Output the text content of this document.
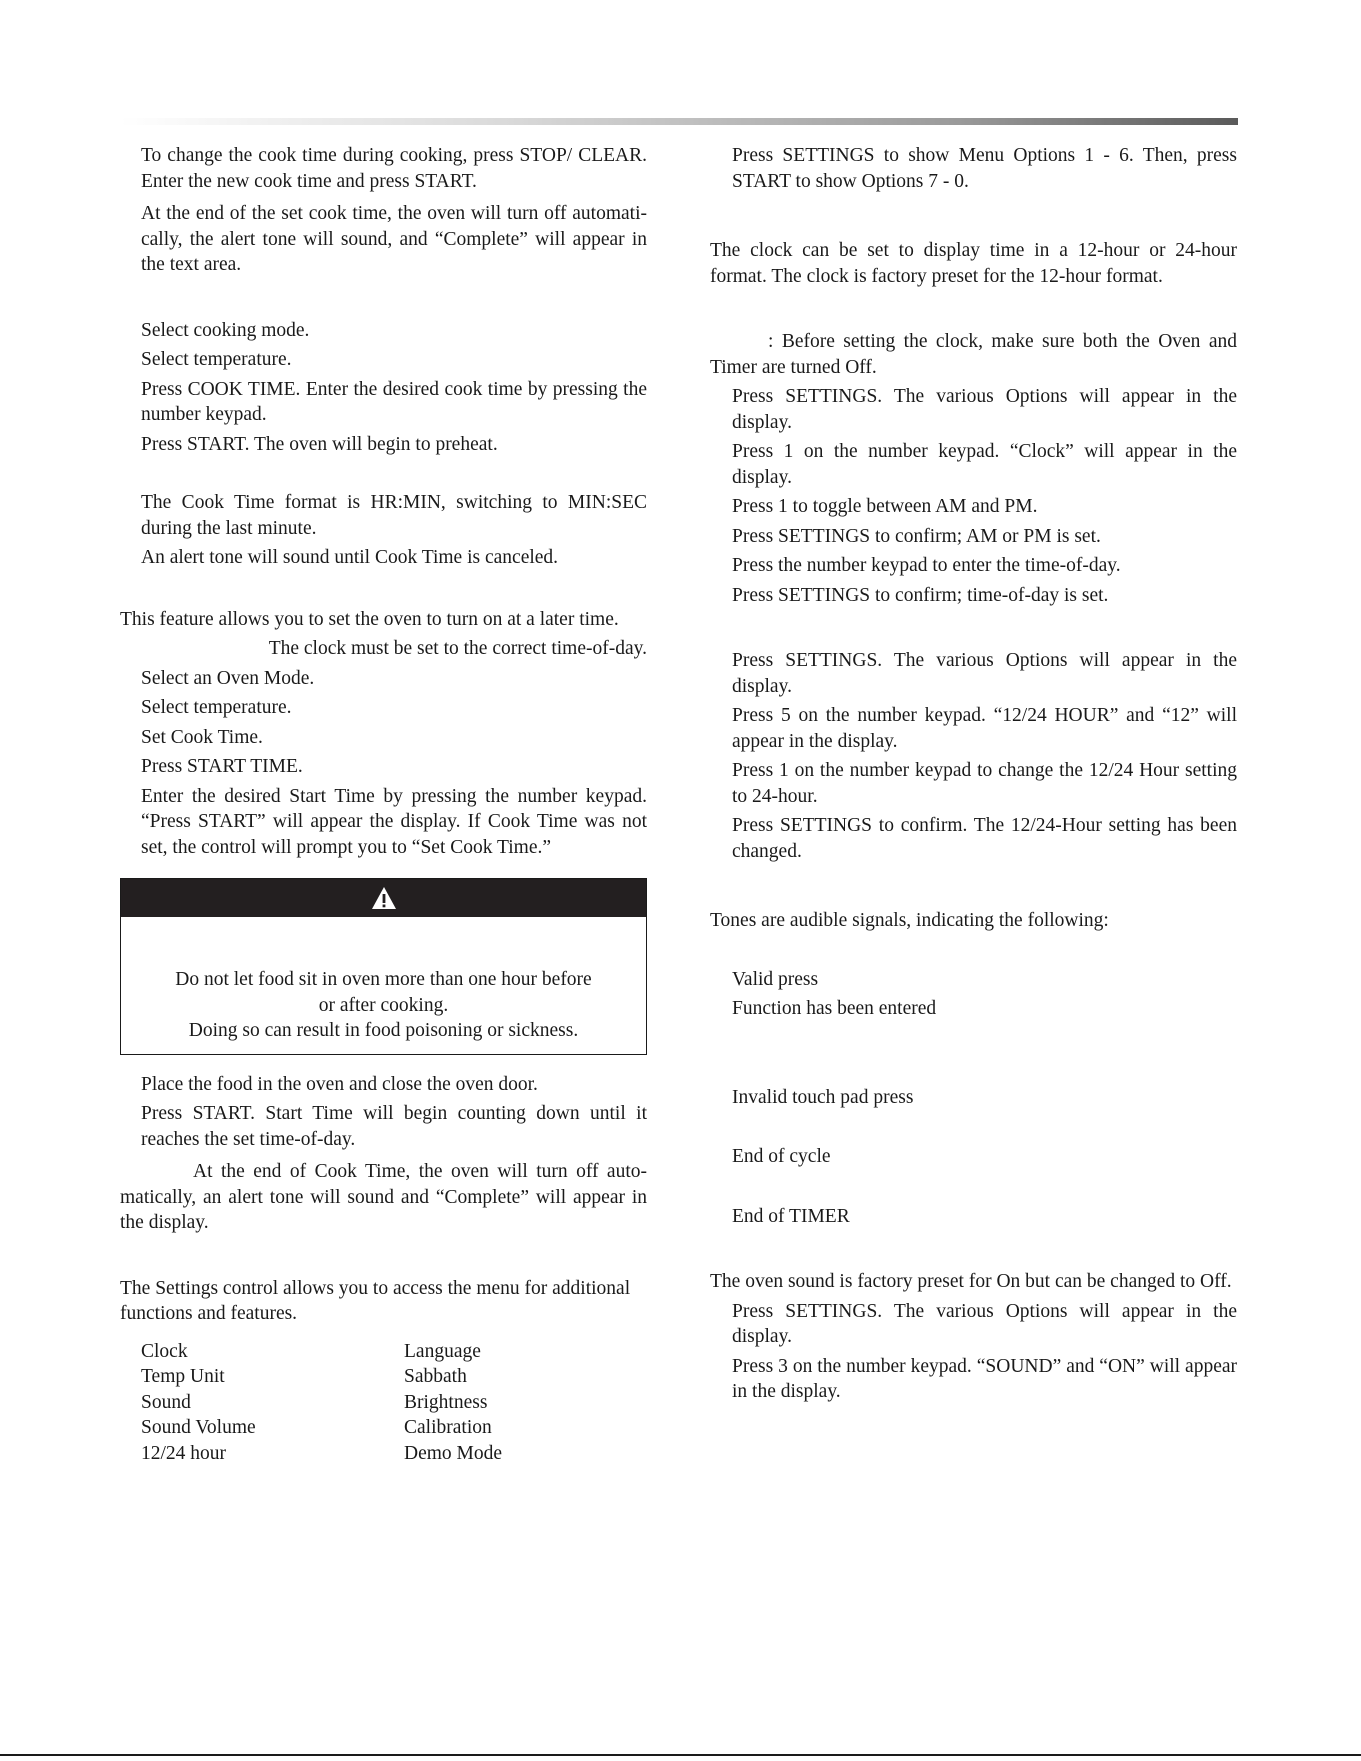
To change the cook time during cooking, press STOP/ CLEAR. Enter the new cook time and press START.

At the end of the set cook time, the oven will turn off automati- cally, the alert tone will sound, and “Complete” will appear in the text area.

Select cooking mode.

Select temperature.

Press COOK TIME. Enter the desired cook time by pressing the number keypad.

Press START. The oven will begin to preheat.

The Cook Time format is HR:MIN, switching to MIN:SEC during the last minute.

An alert tone will sound until Cook Time is canceled.

This feature allows you to set the oven to turn on at a later time.

The clock must be set to the correct time-of-day.

Select an Oven Mode.

Select temperature.

Set Cook Time.

Press START TIME.

Enter the desired Start Time by pressing the number keypad. “Press START” will appear the display. If Cook Time was not set, the control will prompt you to “Set Cook Time.”

Do not let food sit in oven more than one hour before
or after cooking.
Doing so can result in food poisoning or sickness.

Place the food in the oven and close the oven door.

Press START. Start Time will begin counting down until it reaches the set time-of-day.

At the end of Cook Time, the oven will turn off auto- matically, an alert tone will sound and “Complete” will appear in the display.

The Settings control allows you to access the menu for additional functions and features.

Clock	Language
Temp Unit	Sabbath
Sound	Brightness
Sound Volume	Calibration
12/24 hour	Demo Mode

Press SETTINGS to show Menu Options 1 - 6. Then, press START to show Options 7 - 0.

The clock can be set to display time in a 12-hour or 24-hour format. The clock is factory preset for the 12-hour format.

: Before setting the clock, make sure both the Oven and Timer are turned Off.

Press SETTINGS. The various Options will appear in the display.

Press 1 on the number keypad. “Clock” will appear in the display.

Press 1 to toggle between AM and PM.

Press SETTINGS to confirm; AM or PM is set.

Press the number keypad to enter the time-of-day.

Press SETTINGS to confirm; time-of-day is set.

Press SETTINGS. The various Options will appear in the display.

Press 5 on the number keypad. “12/24 HOUR” and “12” will appear in the display.

Press 1 on the number keypad to change the 12/24 Hour setting to 24-hour.

Press SETTINGS to confirm. The 12/24-Hour setting has been changed.

Tones are audible signals, indicating the following:

Valid press

Function has been entered

Invalid touch pad press

End of cycle

End of TIMER

The oven sound is factory preset for On but can be changed to Off.

Press SETTINGS. The various Options will appear in the display.

Press 3 on the number keypad. “SOUND” and “ON” will appear in the display.
